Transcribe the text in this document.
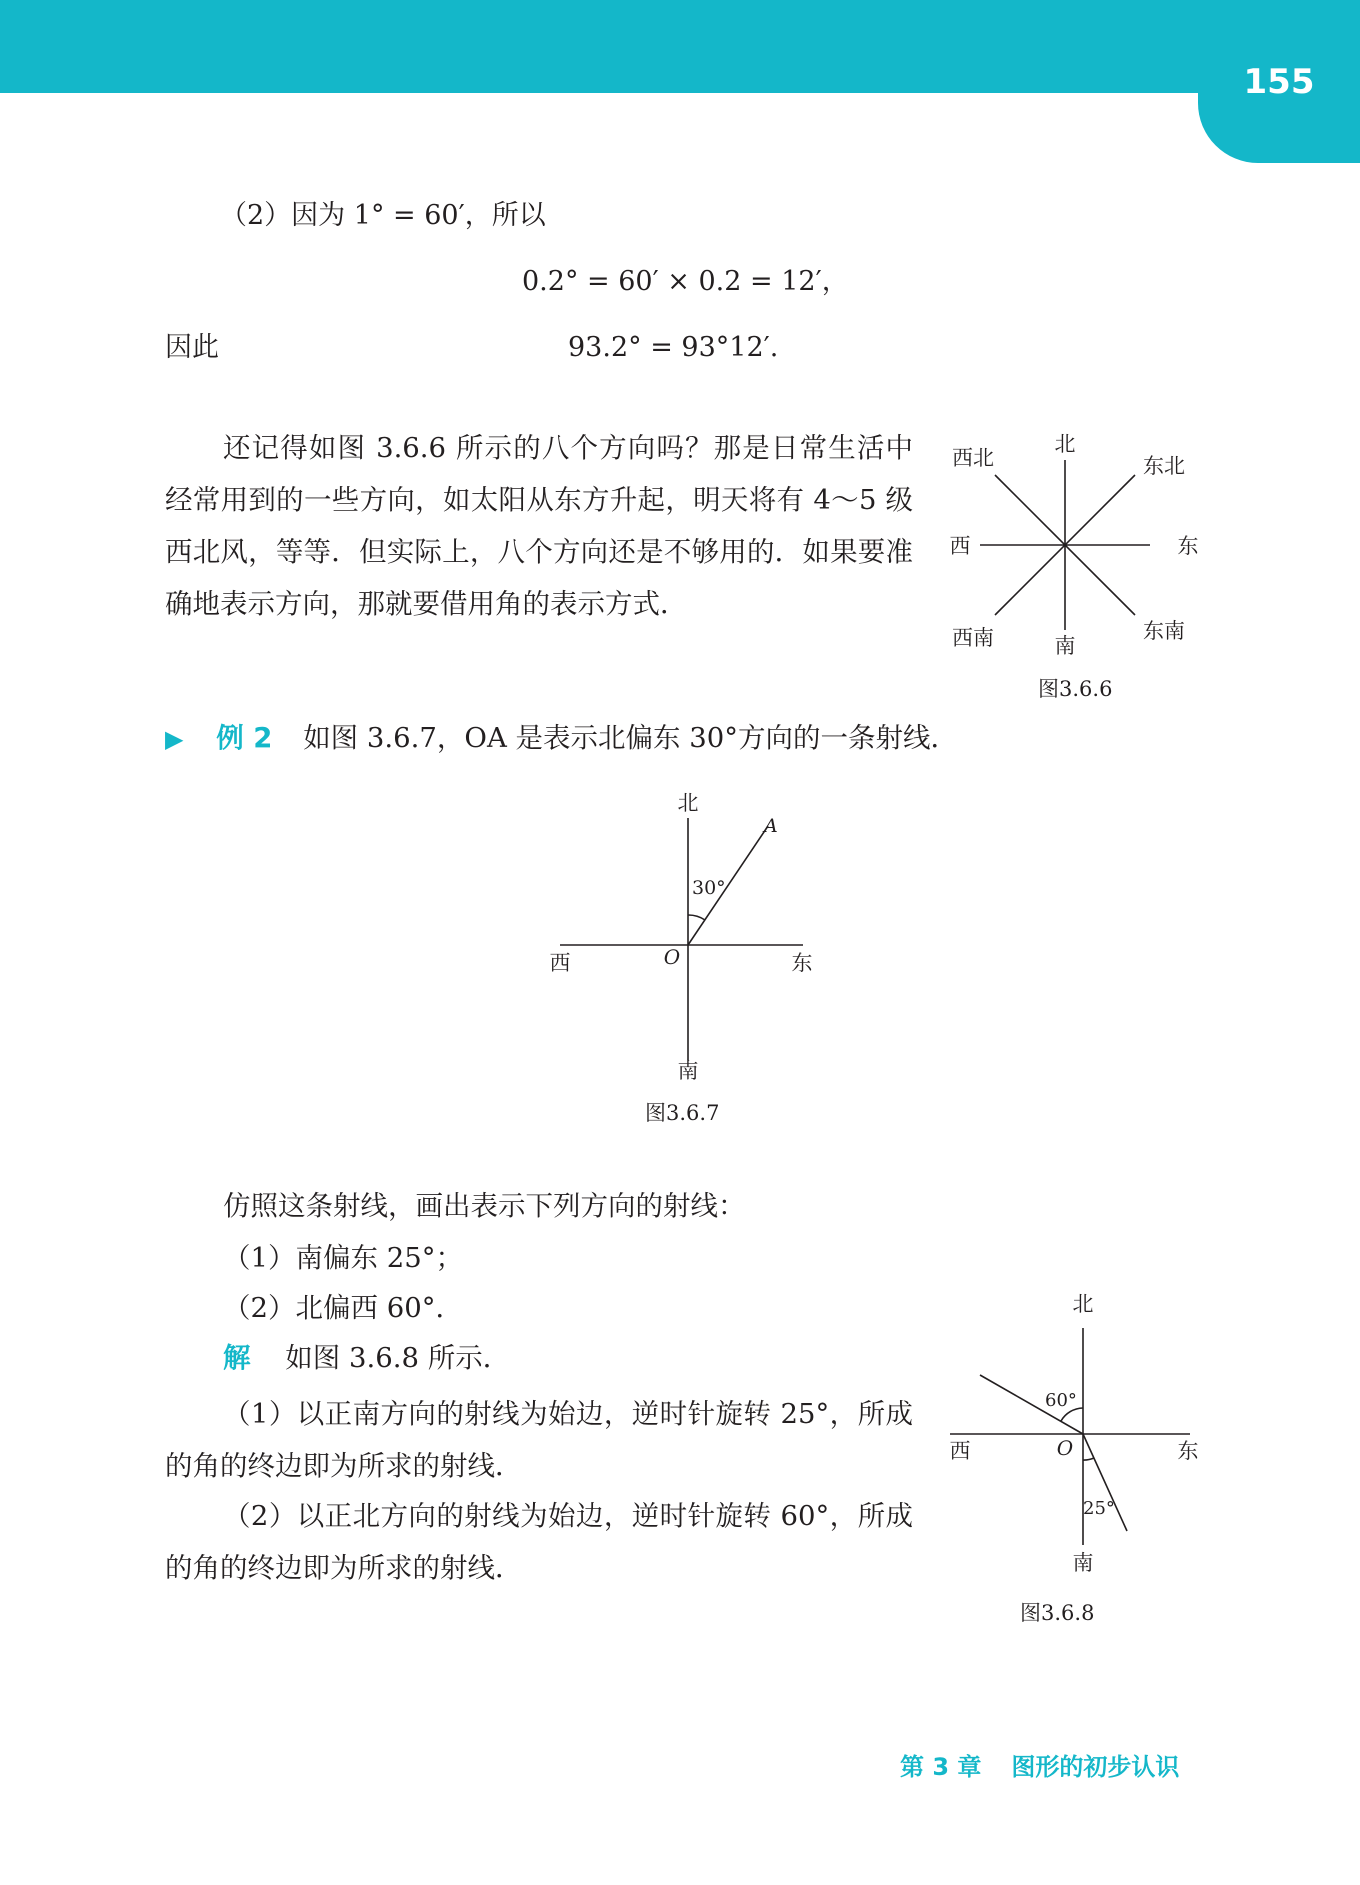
155
（2）因为 1° = 60′，所以
0.2° = 60′ × 0.2 = 12′，
因此	93.2° = 93°12′.

还记得如图 3.6.6 所示的八个方向吗？那是日常生活中经常用到的一些方向，如太阳从东方升起，明天将有 4～5 级西北风，等等．但实际上，八个方向还是不够用的．如果要准确地表示方向，那就要借用角的表示方式．

北
南
东
西
西北	东北
西南	东南
图3.6.6
▶ 例 2 如图 3.6.7，OA 是表示北偏东 30°方向的一条射线．
北
南
东
西	O
A
30°
图3.6.7
仿照这条射线，画出表示下列方向的射线：
（1）南偏东 25°；
（2）北偏西 60°．
解 如图 3.6.8 所示．

（1）以正南方向的射线为始边，逆时针旋转 25°，所成的角的终边即为所求的射线．

（2）以正北方向的射线为始边，逆时针旋转 60°，所成的角的终边即为所求的射线．

北
南
东
西	O
60°
25°
图3.6.8
第 3 章 图形的初步认识
